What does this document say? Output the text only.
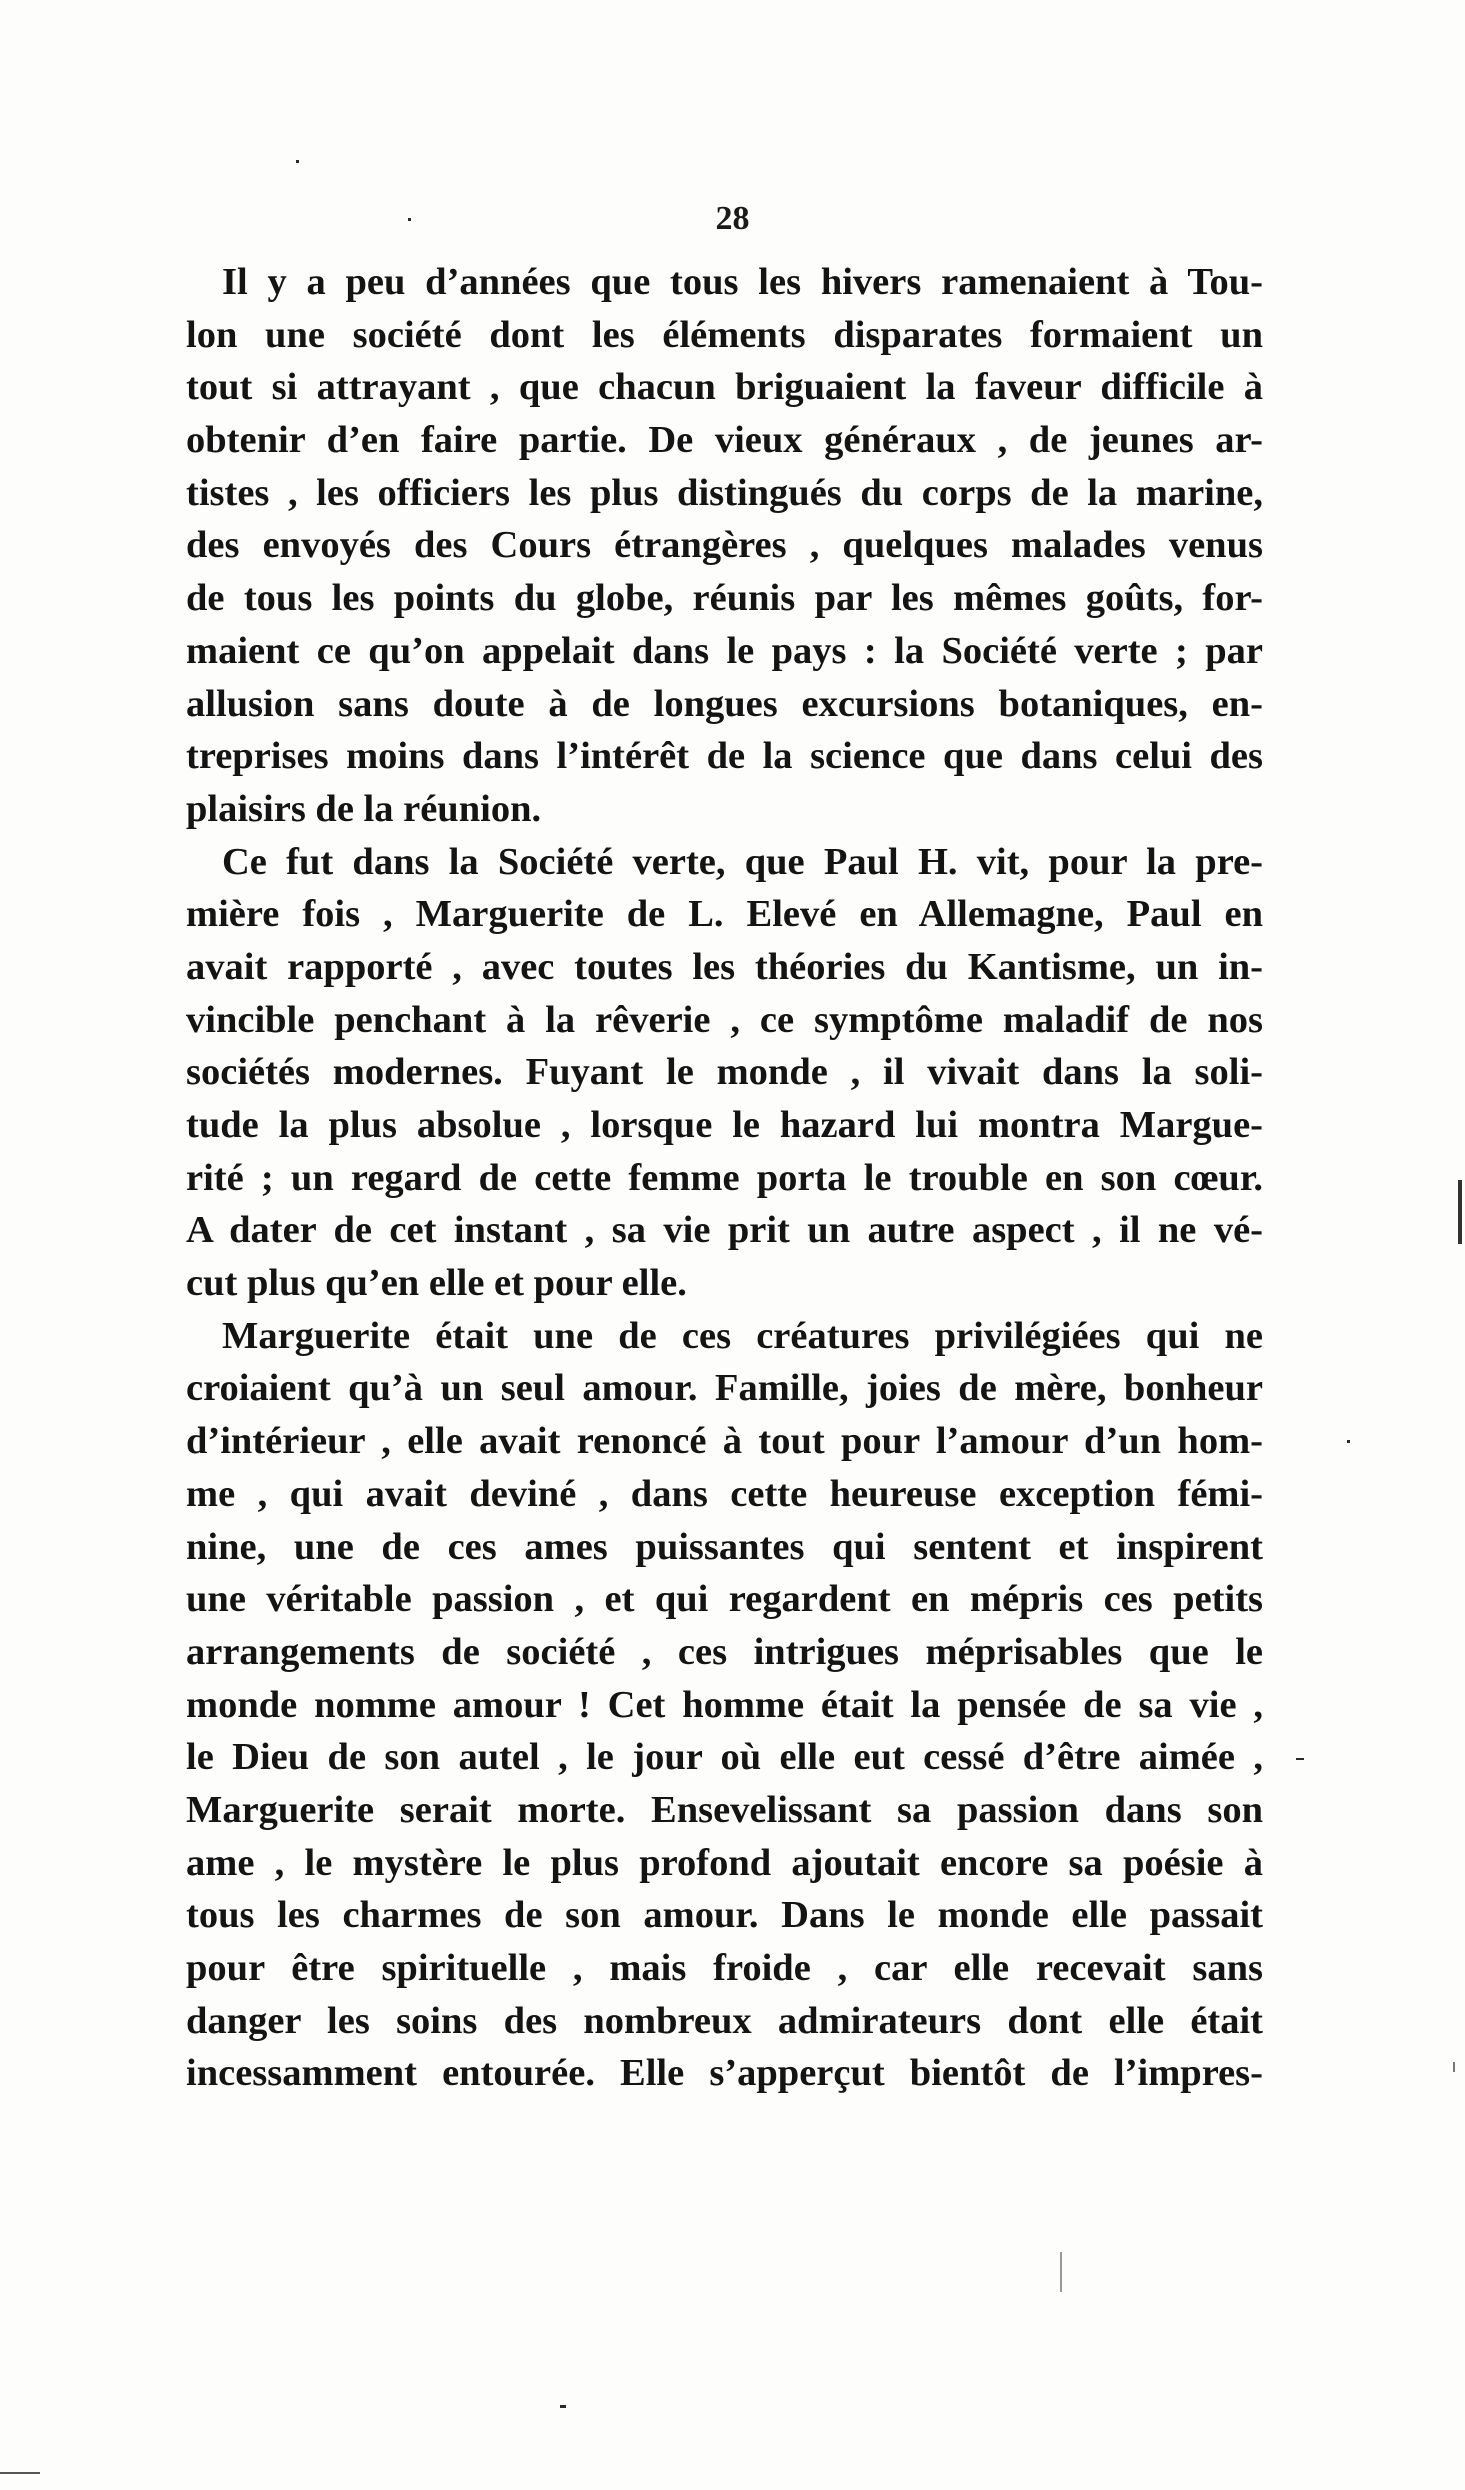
28
Il y a peu d’années que tous les hivers ramenaient à Tou-
lon une société dont les éléments disparates formaient un
tout si attrayant , que chacun briguaient la faveur difficile à
obtenir d’en faire partie. De vieux généraux , de jeunes ar-
tistes , les officiers les plus distingués du corps de la marine,
des envoyés des Cours étrangères , quelques malades venus
de tous les points du globe, réunis par les mêmes goûts, for-
maient ce qu’on appelait dans le pays : la Société verte ; par
allusion sans doute à de longues excursions botaniques, en-
treprises moins dans l’intérêt de la science que dans celui des
plaisirs de la réunion.
Ce fut dans la Société verte, que Paul H. vit, pour la pre-
mière fois , Marguerite de L. Elevé en Allemagne, Paul en
avait rapporté , avec toutes les théories du Kantisme, un in-
vincible penchant à la rêverie , ce symptôme maladif de nos
sociétés modernes. Fuyant le monde , il vivait dans la soli-
tude la plus absolue , lorsque le hazard lui montra Margue-
rité ; un regard de cette femme porta le trouble en son cœur.
A dater de cet instant , sa vie prit un autre aspect , il ne vé-
cut plus qu’en elle et pour elle.
Marguerite était une de ces créatures privilégiées qui ne
croiaient qu’à un seul amour. Famille, joies de mère, bonheur
d’intérieur , elle avait renoncé à tout pour l’amour d’un hom-
me , qui avait deviné , dans cette heureuse exception fémi-
nine, une de ces ames puissantes qui sentent et inspirent
une véritable passion , et qui regardent en mépris ces petits
arrangements de société , ces intrigues méprisables que le
monde nomme amour ! Cet homme était la pensée de sa vie ,
le Dieu de son autel , le jour où elle eut cessé d’être aimée ,
Marguerite serait morte. Ensevelissant sa passion dans son
ame , le mystère le plus profond ajoutait encore sa poésie à
tous les charmes de son amour. Dans le monde elle passait
pour être spirituelle , mais froide , car elle recevait sans
danger les soins des nombreux admirateurs dont elle était
incessamment entourée. Elle s’apperçut bientôt de l’impres-
